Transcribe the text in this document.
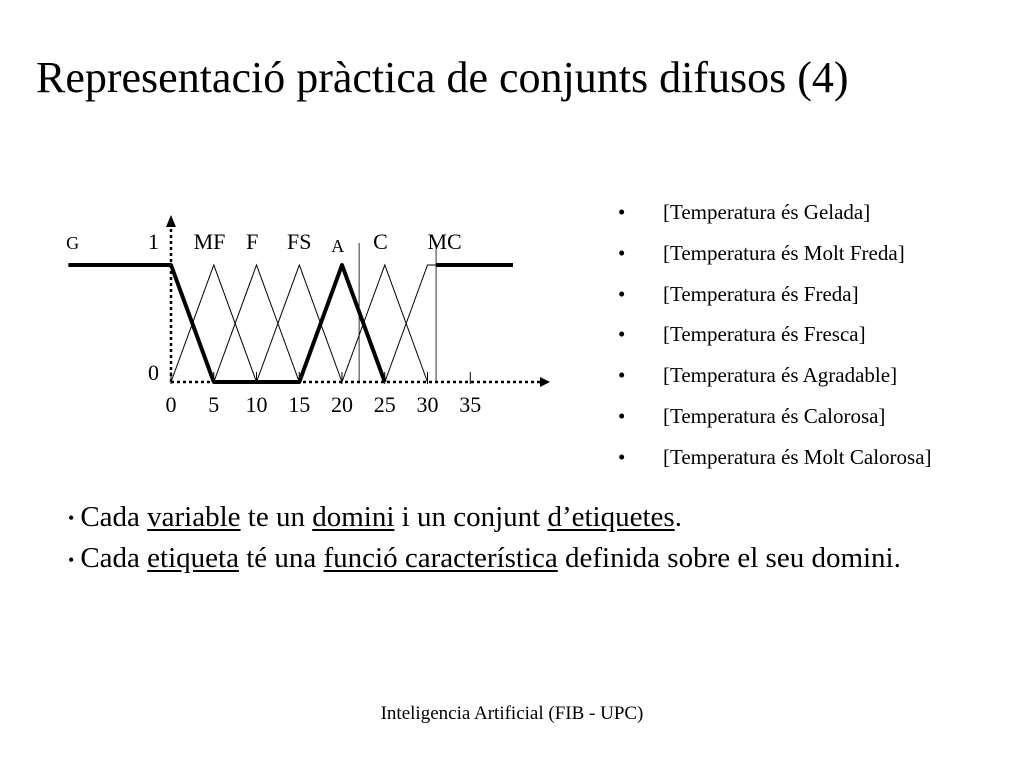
Representació pràctica de conjunts difusos (4)
0 5 10 15 20 25 30 35
0
1
G	MF F FS A C MC
• [Temperatura és Gelada]
• [Temperatura és Molt Freda]
• [Temperatura és Freda]
• [Temperatura és Fresca]
• [Temperatura és Agradable]
• [Temperatura és Calorosa]
• [Temperatura és Molt Calorosa]

• Cada variable te un domini i un conjunt d’etiquetes.

• Cada etiqueta té una funció característica definida sobre el seu domini.

Inteligencia Artificial (FIB - UPC)
